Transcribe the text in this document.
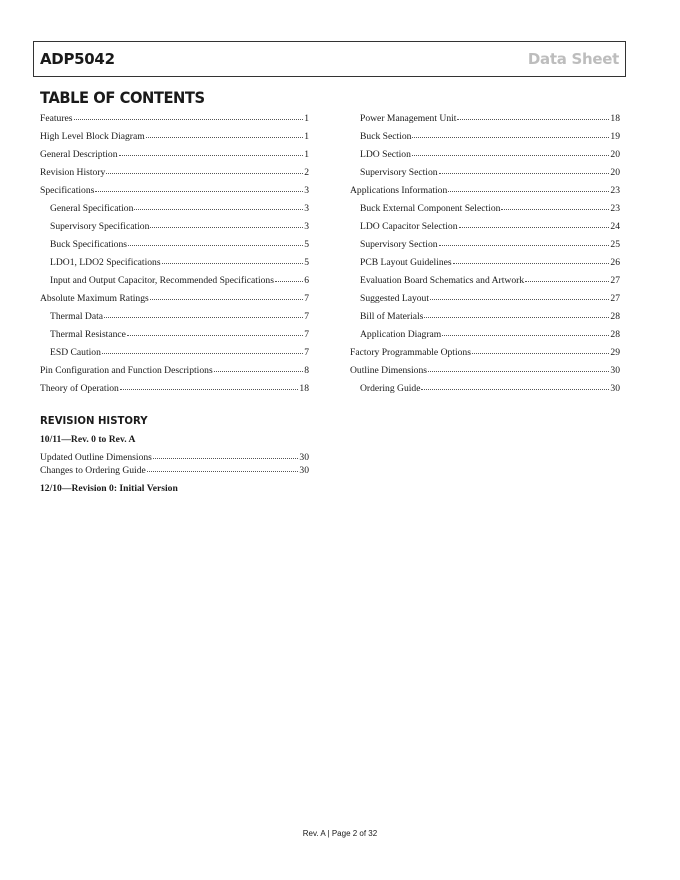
ADP5042	Data Sheet
TABLE OF CONTENTS
Features	1
High Level Block Diagram	1
General Description	1
Revision History	2
Specifications	3
General Specification	3
Supervisory Specification	3
Buck Specifications	5
LDO1, LDO2 Specifications	5
Input and Output Capacitor, Recommended Specifications	6
Absolute Maximum Ratings	7
Thermal Data	7
Thermal Resistance	7
ESD Caution	7
Pin Configuration and Function Descriptions	8
Theory of Operation	18
Power Management Unit	18
Buck Section	19
LDO Section	20
Supervisory Section	20
Applications Information	23
Buck External Component Selection	23
LDO Capacitor Selection	24
Supervisory Section	25
PCB Layout Guidelines	26
Evaluation Board Schematics and Artwork	27
Suggested Layout	27
Bill of Materials	28
Application Diagram	28
Factory Programmable Options	29
Outline Dimensions	30
Ordering Guide	30
REVISION HISTORY
10/11—Rev. 0 to Rev. A
Updated Outline Dimensions	30
Changes to Ordering Guide	30
12/10—Revision 0: Initial Version
Rev. A | Page 2 of 32
